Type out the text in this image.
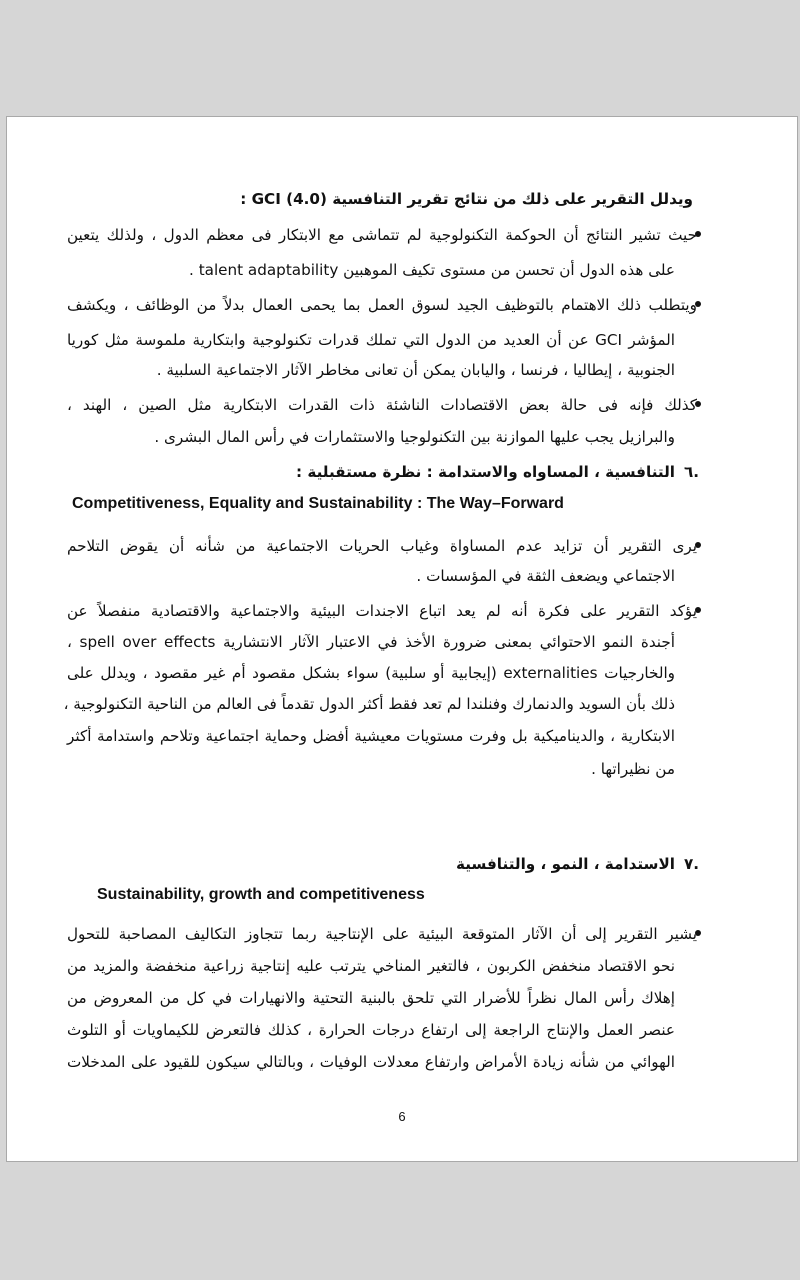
ويدلل التقرير على ذلك من نتائج تقرير التنافسية (4.0) GCI :
حيث تشير النتائج أن الحوكمة التكنولوجية لم تتماشى مع الابتكار فى معظم الدول ، ولذلك يتعين
على هذه الدول أن تحسن من مستوى تكيف الموهبين talent adaptability .
ويتطلب ذلك الاهتمام بالتوظيف الجيد لسوق العمل بما يحمى العمال بدلاً من الوظائف ، ويكشف
المؤشر GCI عن أن العديد من الدول التي تملك قدرات تكنولوجية وابتكارية ملموسة مثل كوريا
الجنوبية ، إيطاليا ، فرنسا ، واليابان يمكن أن تعانى مخاطر الآثار الاجتماعية السلبية .
كذلك فإنه فى حالة بعض الاقتصادات الناشئة ذات القدرات الابتكارية مثل الصين ، الهند ،
والبرازيل يجب عليها الموازنة بين التكنولوجيا والاستثمارات في رأس المال البشرى .
.٦
التنافسية ، المساواه والاستدامة : نظرة مستقبلية :
Competitiveness, Equality and Sustainability : The Way–Forward
يرى التقرير أن تزايد عدم المساواة وغياب الحريات الاجتماعية من شأنه أن يقوض التلاحم
الاجتماعي ويضعف الثقة في المؤسسات .
يؤكد التقرير على فكرة أنه لم يعد اتباع الاجندات البيئية والاجتماعية والاقتصادية منفصلاً عن
أجندة النمو الاحتوائي بمعنى ضرورة الأخذ في الاعتبار الآثار الانتشارية spell over effects ،
والخارجيات externalities (إيجابية أو سلبية) سواء بشكل مقصود أم غير مقصود ، ويدلل على
ذلك بأن السويد والدنمارك وفنلندا لم تعد فقط أكثر الدول تقدماً فى العالم من الناحية التكنولوجية ،
الابتكارية ، والديناميكية بل وفرت مستويات معيشية أفضل وحماية اجتماعية وتلاحم واستدامة أكثر
من نظيراتها .
.٧
الاستدامة ، النمو ، والتنافسية
Sustainability, growth and competitiveness
يشير التقرير إلى أن الآثار المتوقعة البيئية على الإنتاجية ربما تتجاوز التكاليف المصاحبة للتحول
نحو الاقتصاد منخفض الكربون ، فالتغير المناخي يترتب عليه إنتاجية زراعية منخفضة والمزيد من
إهلاك رأس المال نظراً للأضرار التي تلحق بالبنية التحتية والانهيارات في كل من المعروض من
عنصر العمل والإنتاج الراجعة إلى ارتفاع درجات الحرارة ، كذلك فالتعرض للكيماويات أو التلوث
الهوائي من شأنه زيادة الأمراض وارتفاع معدلات الوفيات ، وبالتالي سيكون للقيود على المدخلات
6
